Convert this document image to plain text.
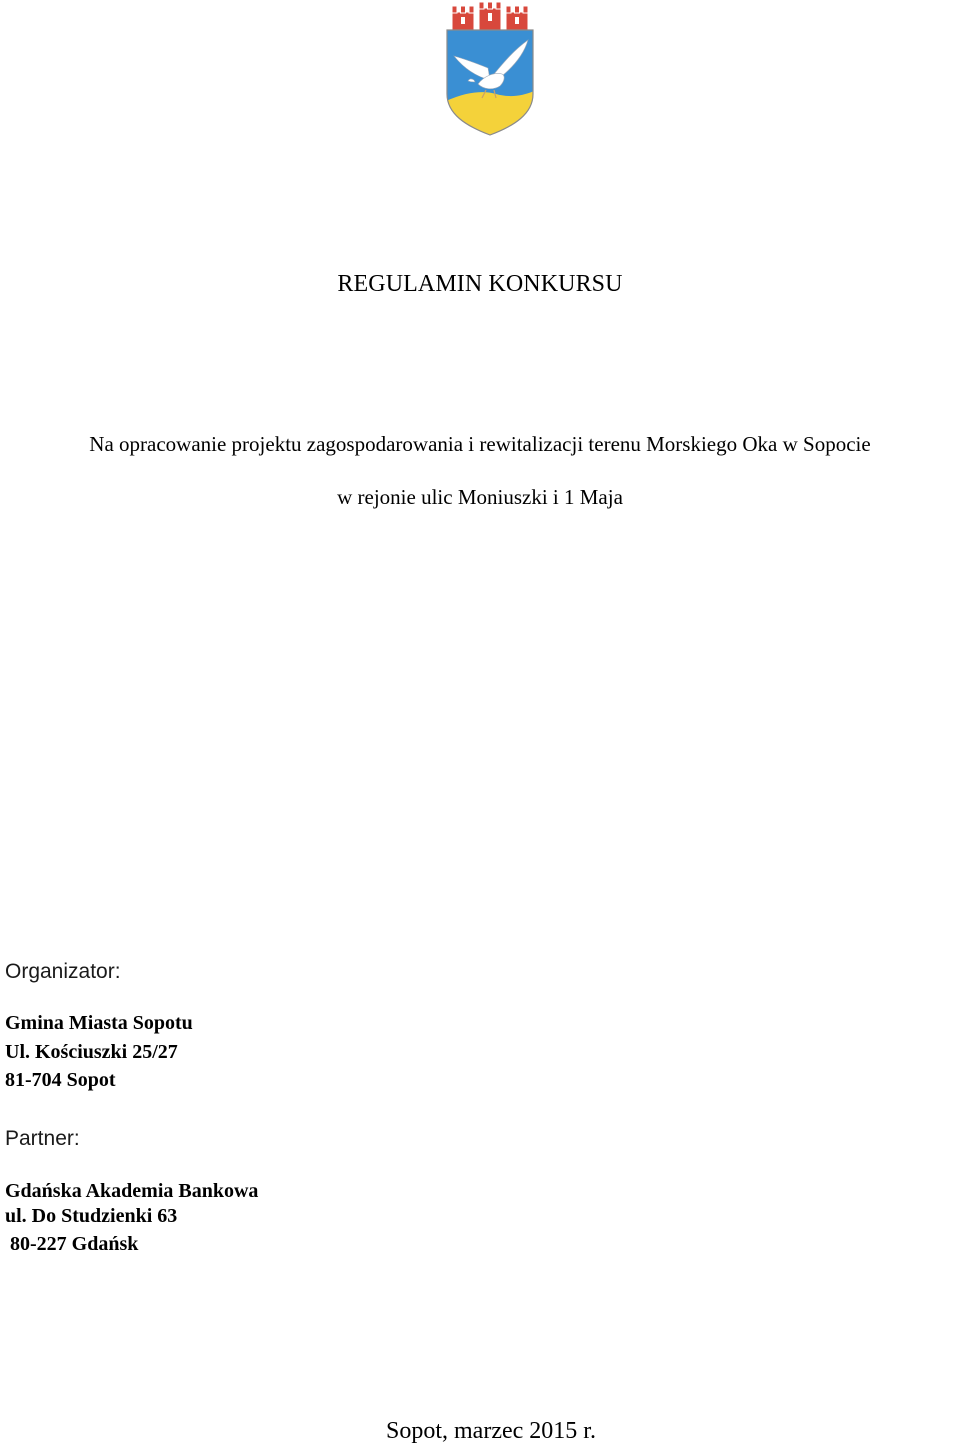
REGULAMIN KONKURSU

Na opracowanie projektu zagospodarowania i rewitalizacji terenu Morskiego Oka w Sopocie

w rejonie ulic Moniuszki i 1 Maja

Organizator:

Gmina Miasta Sopotu

Ul. Kościuszki 25/27

81-704 Sopot

Partner:

Gdańska Akademia Bankowa

ul. Do Studzienki 63

80-227 Gdańsk

Sopot, marzec 2015 r.
